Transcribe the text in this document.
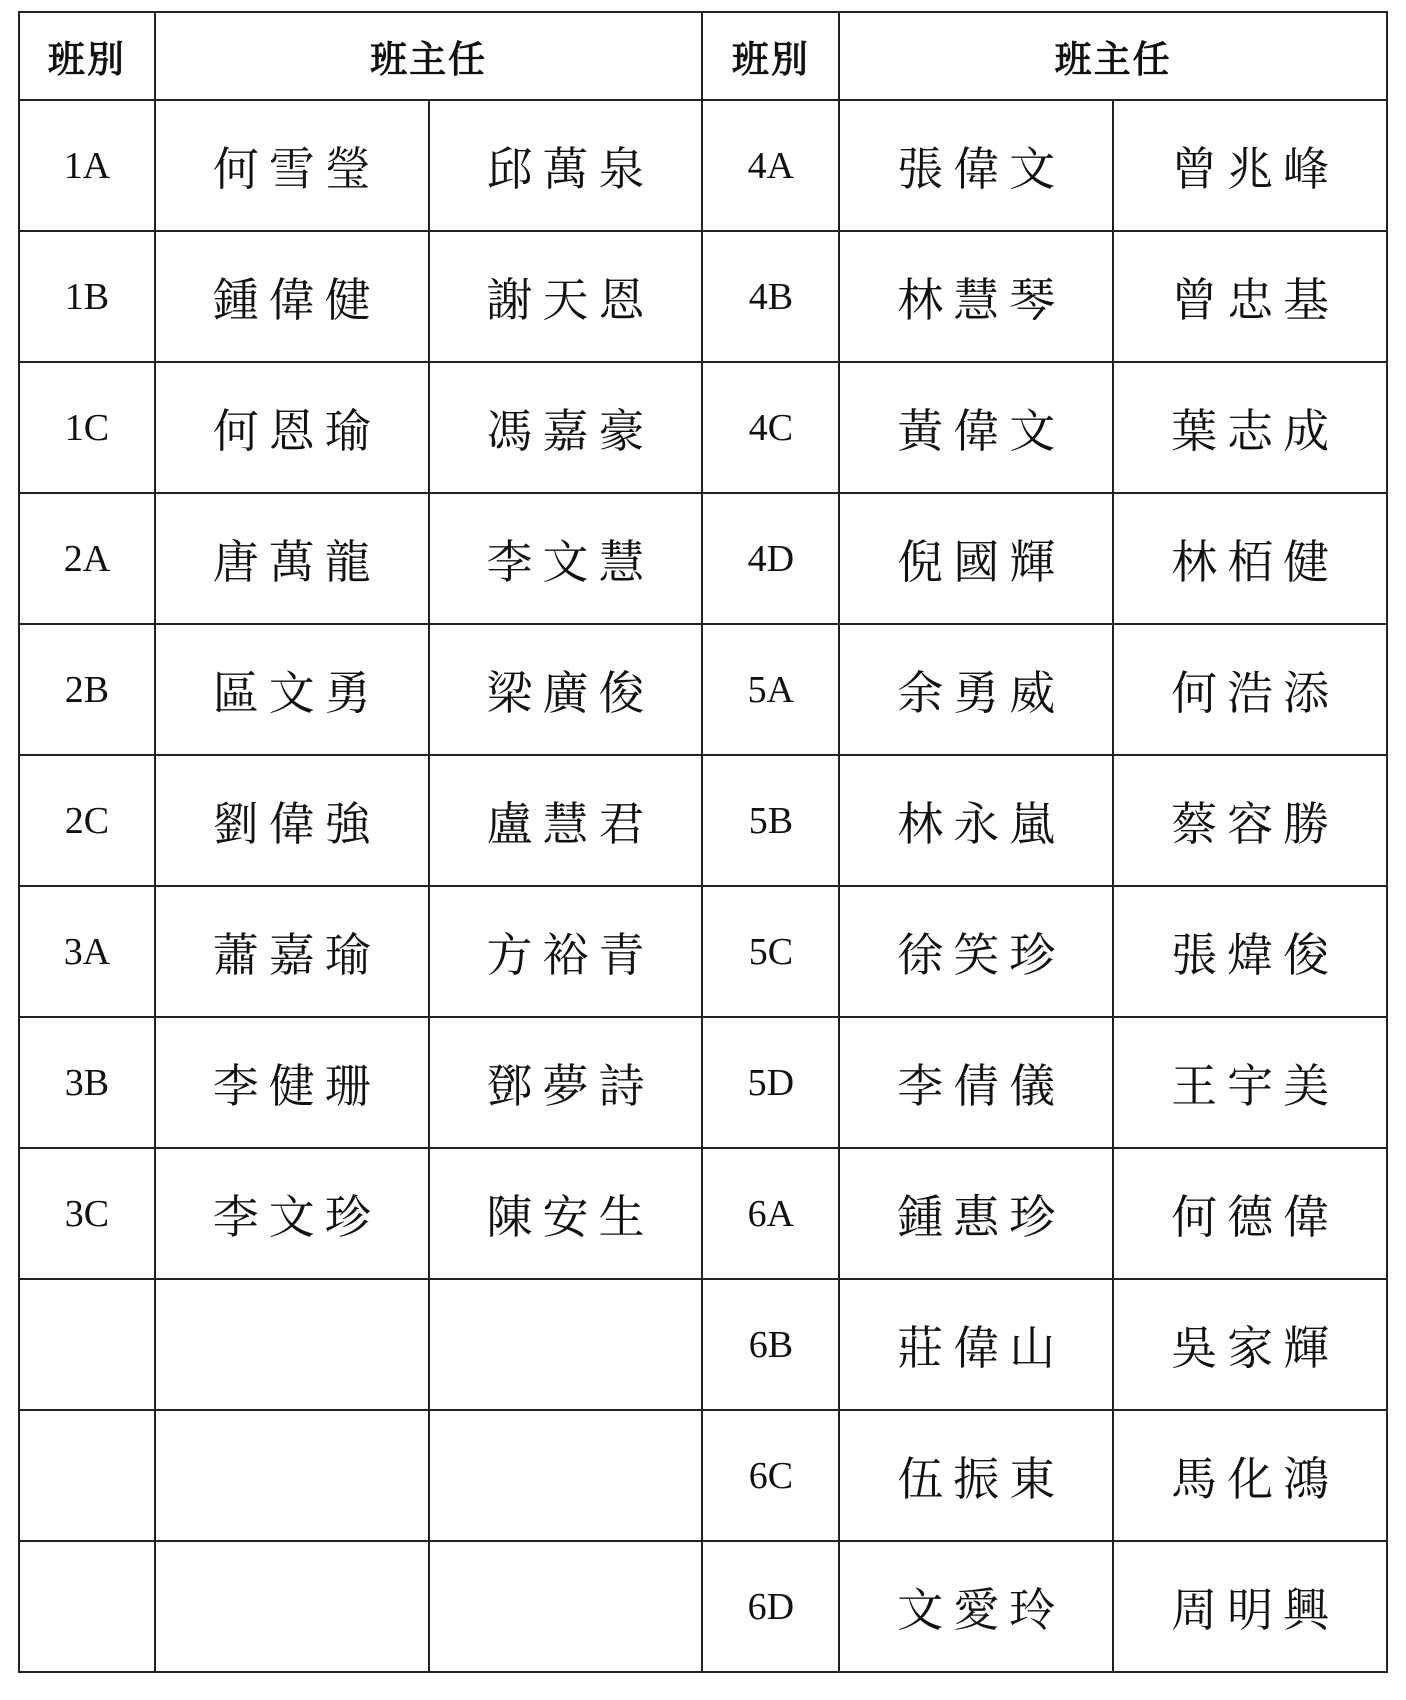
班別	班主任		班別	班主任	
1A	何雪瑩	邱萬泉	4A	張偉文	曾兆峰
1B	鍾偉健	謝天恩	4B	林慧琴	曾忠基
1C	何恩瑜	馮嘉豪	4C	黃偉文	葉志成
2A	唐萬龍	李文慧	4D	倪國輝	林栢健
2B	區文勇	梁廣俊	5A	余勇威	何浩添
2C	劉偉強	盧慧君	5B	林永嵐	蔡容勝
3A	蕭嘉瑜	方裕青	5C	徐笑珍	張煒俊
3B	李健珊	鄧夢詩	5D	李倩儀	王宇美
3C	李文珍	陳安生	6A	鍾惠珍	何德偉
			6B	莊偉山	吳家輝
			6C	伍振東	馬化鴻
			6D	文愛玲	周明興
